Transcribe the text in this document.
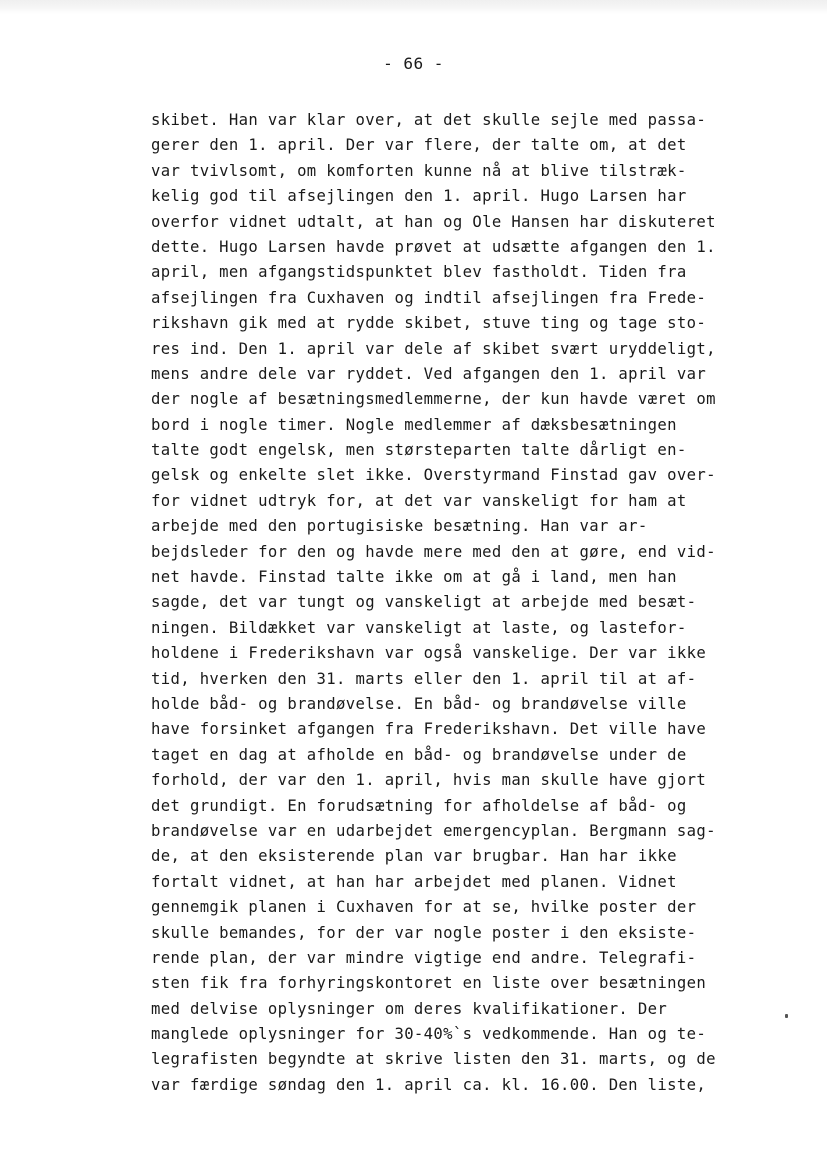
- 66 -
skibet. Han var klar over, at det skulle sejle med passa-
gerer den 1. april. Der var flere, der talte om, at det
var tvivlsomt, om komforten kunne nå at blive tilstræk-
kelig god til afsejlingen den 1. april. Hugo Larsen har
overfor vidnet udtalt, at han og Ole Hansen har diskuteret
dette. Hugo Larsen havde prøvet at udsætte afgangen den 1.
april, men afgangstidspunktet blev fastholdt. Tiden fra
afsejlingen fra Cuxhaven og indtil afsejlingen fra Frede-
rikshavn gik med at rydde skibet, stuve ting og tage sto-
res ind. Den 1. april var dele af skibet svært uryddeligt,
mens andre dele var ryddet. Ved afgangen den 1. april var
der nogle af besætningsmedlemmerne, der kun havde været om
bord i nogle timer. Nogle medlemmer af dæksbesætningen
talte godt engelsk, men størsteparten talte dårligt en-
gelsk og enkelte slet ikke. Overstyrmand Finstad gav over-
for vidnet udtryk for, at det var vanskeligt for ham at
arbejde med den portugisiske besætning. Han var ar-
bejdsleder for den og havde mere med den at gøre, end vid-
net havde. Finstad talte ikke om at gå i land, men han
sagde, det var tungt og vanskeligt at arbejde med besæt-
ningen. Bildækket var vanskeligt at laste, og lastefor-
holdene i Frederikshavn var også vanskelige. Der var ikke
tid, hverken den 31. marts eller den 1. april til at af-
holde båd- og brandøvelse. En båd- og brandøvelse ville
have forsinket afgangen fra Frederikshavn. Det ville have
taget en dag at afholde en båd- og brandøvelse under de
forhold, der var den 1. april, hvis man skulle have gjort
det grundigt. En forudsætning for afholdelse af båd- og
brandøvelse var en udarbejdet emergencyplan. Bergmann sag-
de, at den eksisterende plan var brugbar. Han har ikke
fortalt vidnet, at han har arbejdet med planen. Vidnet
gennemgik planen i Cuxhaven for at se, hvilke poster der
skulle bemandes, for der var nogle poster i den eksiste-
rende plan, der var mindre vigtige end andre. Telegrafi-
sten fik fra forhyringskontoret en liste over besætningen
med delvise oplysninger om deres kvalifikationer. Der
manglede oplysninger for 30-40%`s vedkommende. Han og te-
legrafisten begyndte at skrive listen den 31. marts, og de
var færdige søndag den 1. april ca. kl. 16.00. Den liste,
